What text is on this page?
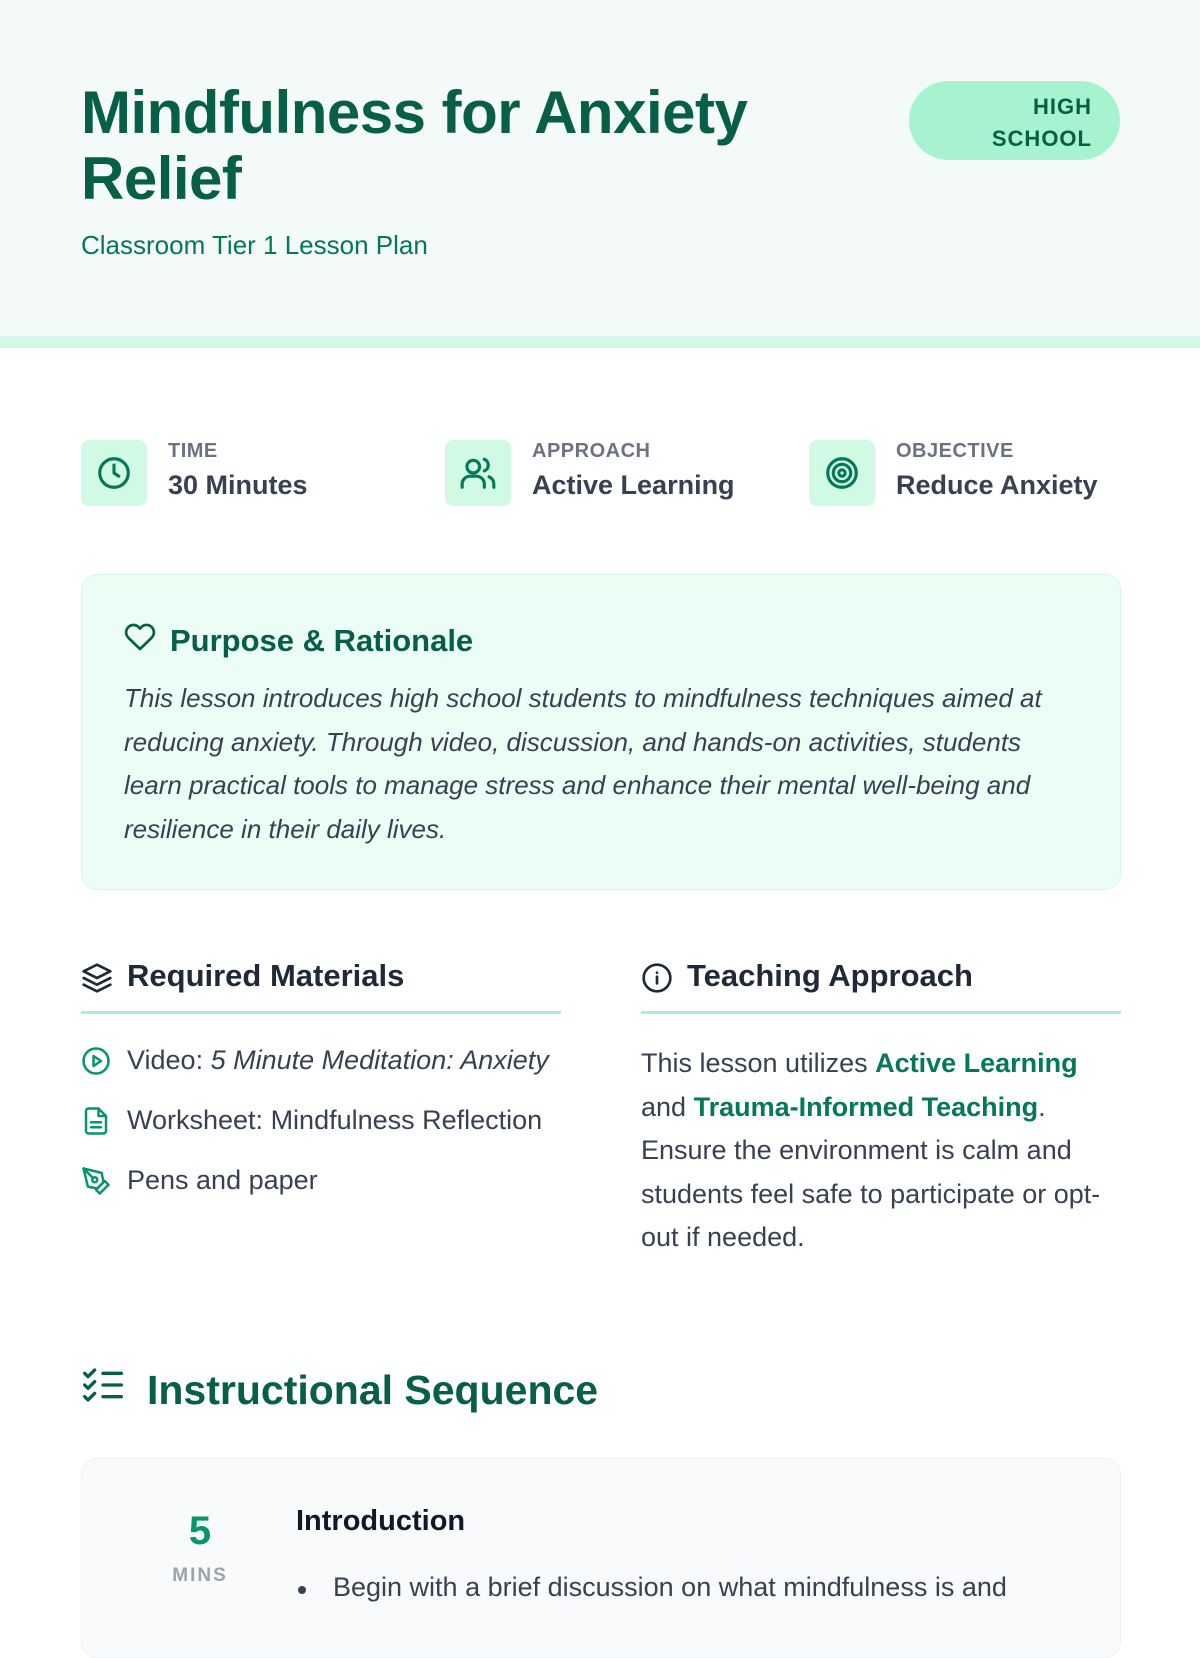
Mindfulness for Anxiety Relief
Classroom Tier 1 Lesson Plan
HIGH SCHOOL
TIME
30 Minutes
APPROACH
Active Learning
OBJECTIVE
Reduce Anxiety
Purpose & Rationale

This lesson introduces high school students to mindfulness techniques aimed at reducing anxiety. Through video, discussion, and hands-on activities, students learn practical tools to manage stress and enhance their mental well-being and resilience in their daily lives.

Required Materials
Video: 5 Minute Meditation: Anxiety
Worksheet: Mindfulness Reflection
Pens and paper
Teaching Approach

This lesson utilizes Active Learning and Trauma-Informed Teaching. Ensure the environment is calm and students feel safe to participate or opt-out if needed.

Instructional Sequence
5
MINS
Introduction
Begin with a brief discussion on what mindfulness is and
